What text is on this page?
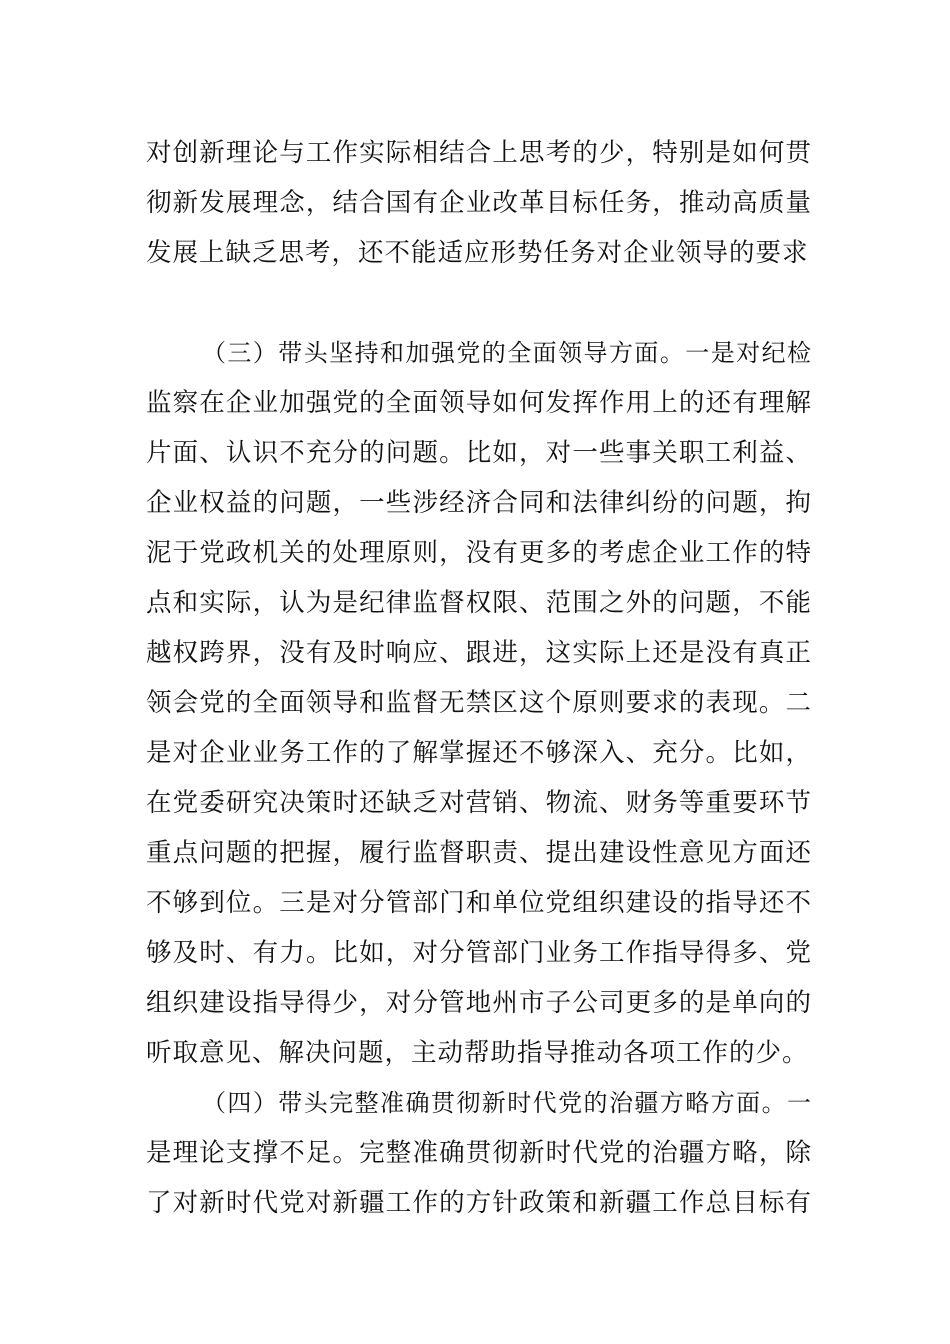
对创新理论与工作实际相结合上思考的少，特别是如何贯
彻新发展理念，结合国有企业改革目标任务，推动高质量
发展上缺乏思考，还不能适应形势任务对企业领导的要求
（三）带头坚持和加强党的全面领导方面。一是对纪检
监察在企业加强党的全面领导如何发挥作用上的还有理解
片面、认识不充分的问题。比如，对一些事关职工利益、
企业权益的问题，一些涉经济合同和法律纠纷的问题，拘
泥于党政机关的处理原则，没有更多的考虑企业工作的特
点和实际，认为是纪律监督权限、范围之外的问题，不能
越权跨界，没有及时响应、跟进，这实际上还是没有真正
领会党的全面领导和监督无禁区这个原则要求的表现。二
是对企业业务工作的了解掌握还不够深入、充分。比如，
在党委研究决策时还缺乏对营销、物流、财务等重要环节
重点问题的把握，履行监督职责、提出建设性意见方面还
不够到位。三是对分管部门和单位党组织建设的指导还不
够及时、有力。比如，对分管部门业务工作指导得多、党
组织建设指导得少，对分管地州市子公司更多的是单向的
听取意见、解决问题，主动帮助指导推动各项工作的少。
（四）带头完整准确贯彻新时代党的治疆方略方面。一
是理论支撑不足。完整准确贯彻新时代党的治疆方略，除
了对新时代党对新疆工作的方针政策和新疆工作总目标有
